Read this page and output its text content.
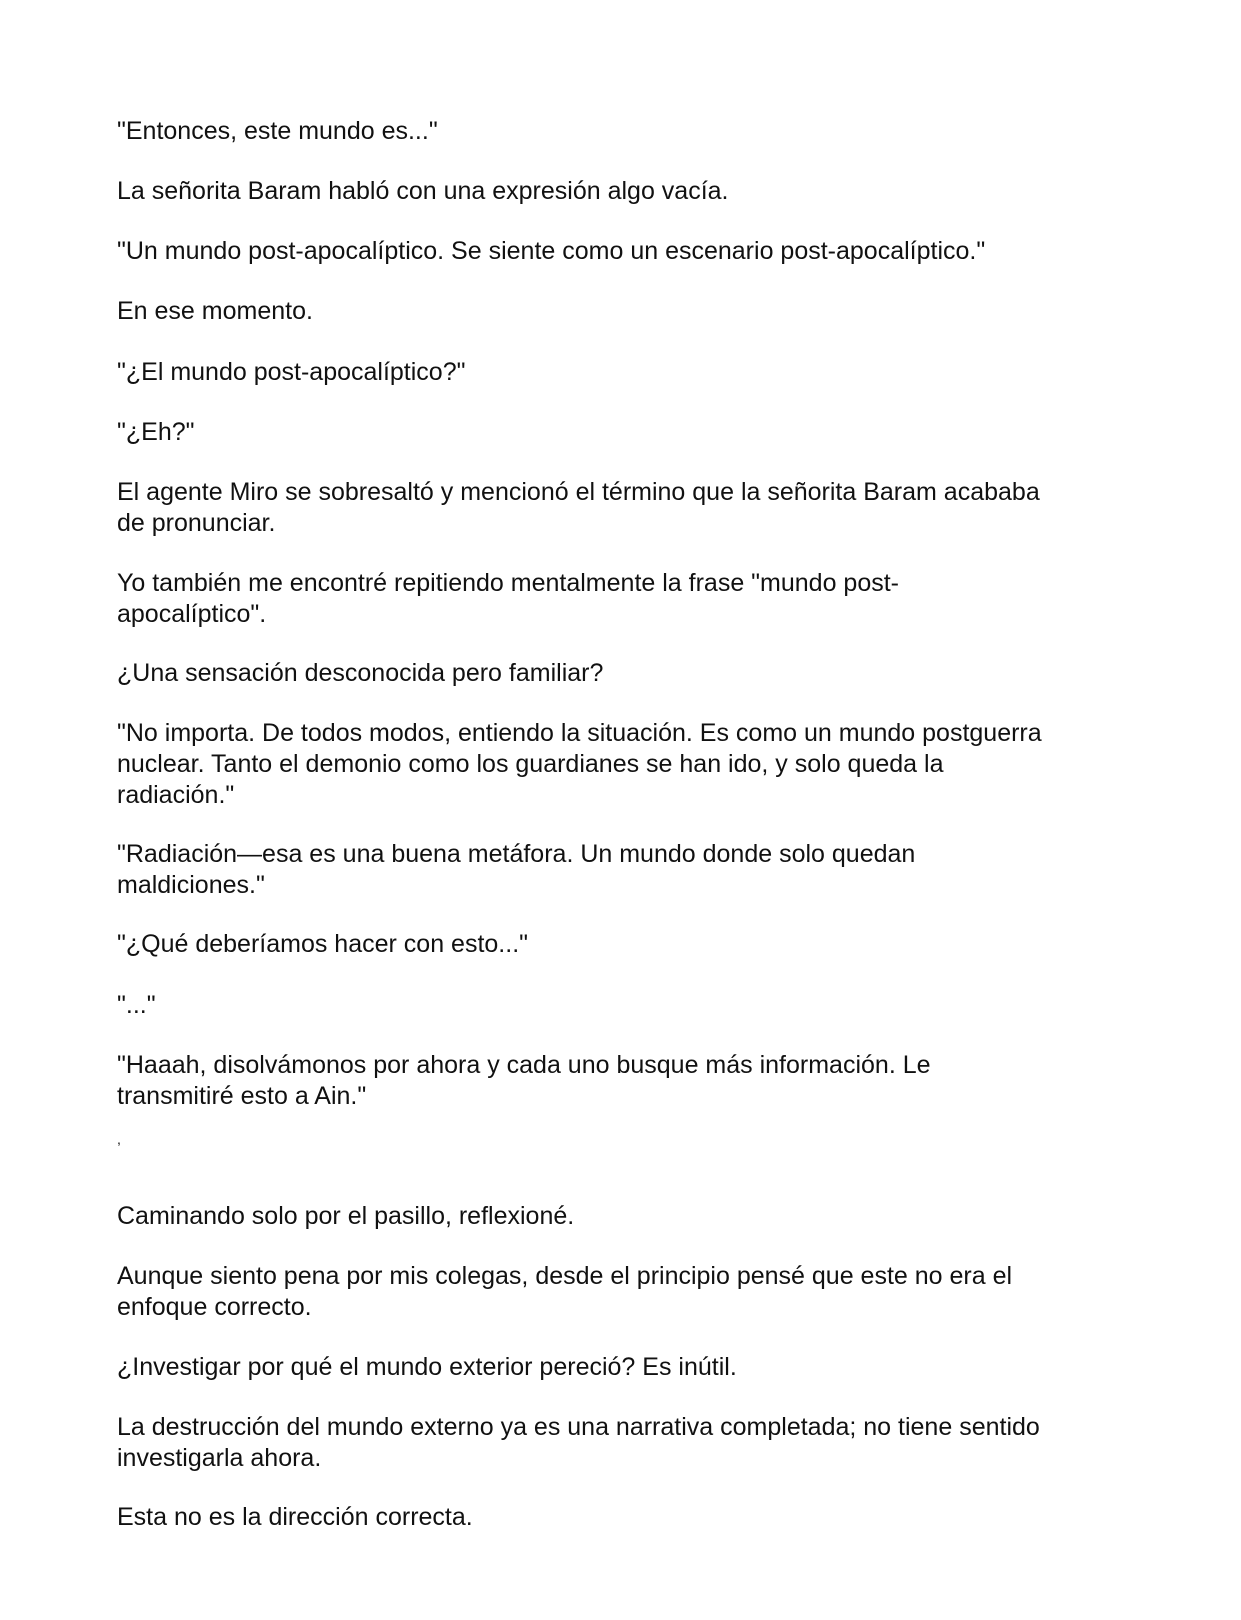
"Entonces, este mundo es..."
La señorita Baram habló con una expresión algo vacía.
"Un mundo post-apocalíptico. Se siente como un escenario post-apocalíptico."
En ese momento.
"¿El mundo post-apocalíptico?"
"¿Eh?"
El agente Miro se sobresaltó y mencionó el término que la señorita Baram acababa
de pronunciar.
Yo también me encontré repitiendo mentalmente la frase "mundo post-
apocalíptico".
¿Una sensación desconocida pero familiar?
"No importa. De todos modos, entiendo la situación. Es como un mundo postguerra
nuclear. Tanto el demonio como los guardianes se han ido, y solo queda la
radiación."
"Radiación—esa es una buena metáfora. Un mundo donde solo quedan
maldiciones."
"¿Qué deberíamos hacer con esto..."
"..."
"Haaah, disolvámonos por ahora y cada uno busque más información. Le
transmitiré esto a Ain."
,
Caminando solo por el pasillo, reflexioné.
Aunque siento pena por mis colegas, desde el principio pensé que este no era el
enfoque correcto.
¿Investigar por qué el mundo exterior pereció? Es inútil.
La destrucción del mundo externo ya es una narrativa completada; no tiene sentido
investigarla ahora.
Esta no es la dirección correcta.
